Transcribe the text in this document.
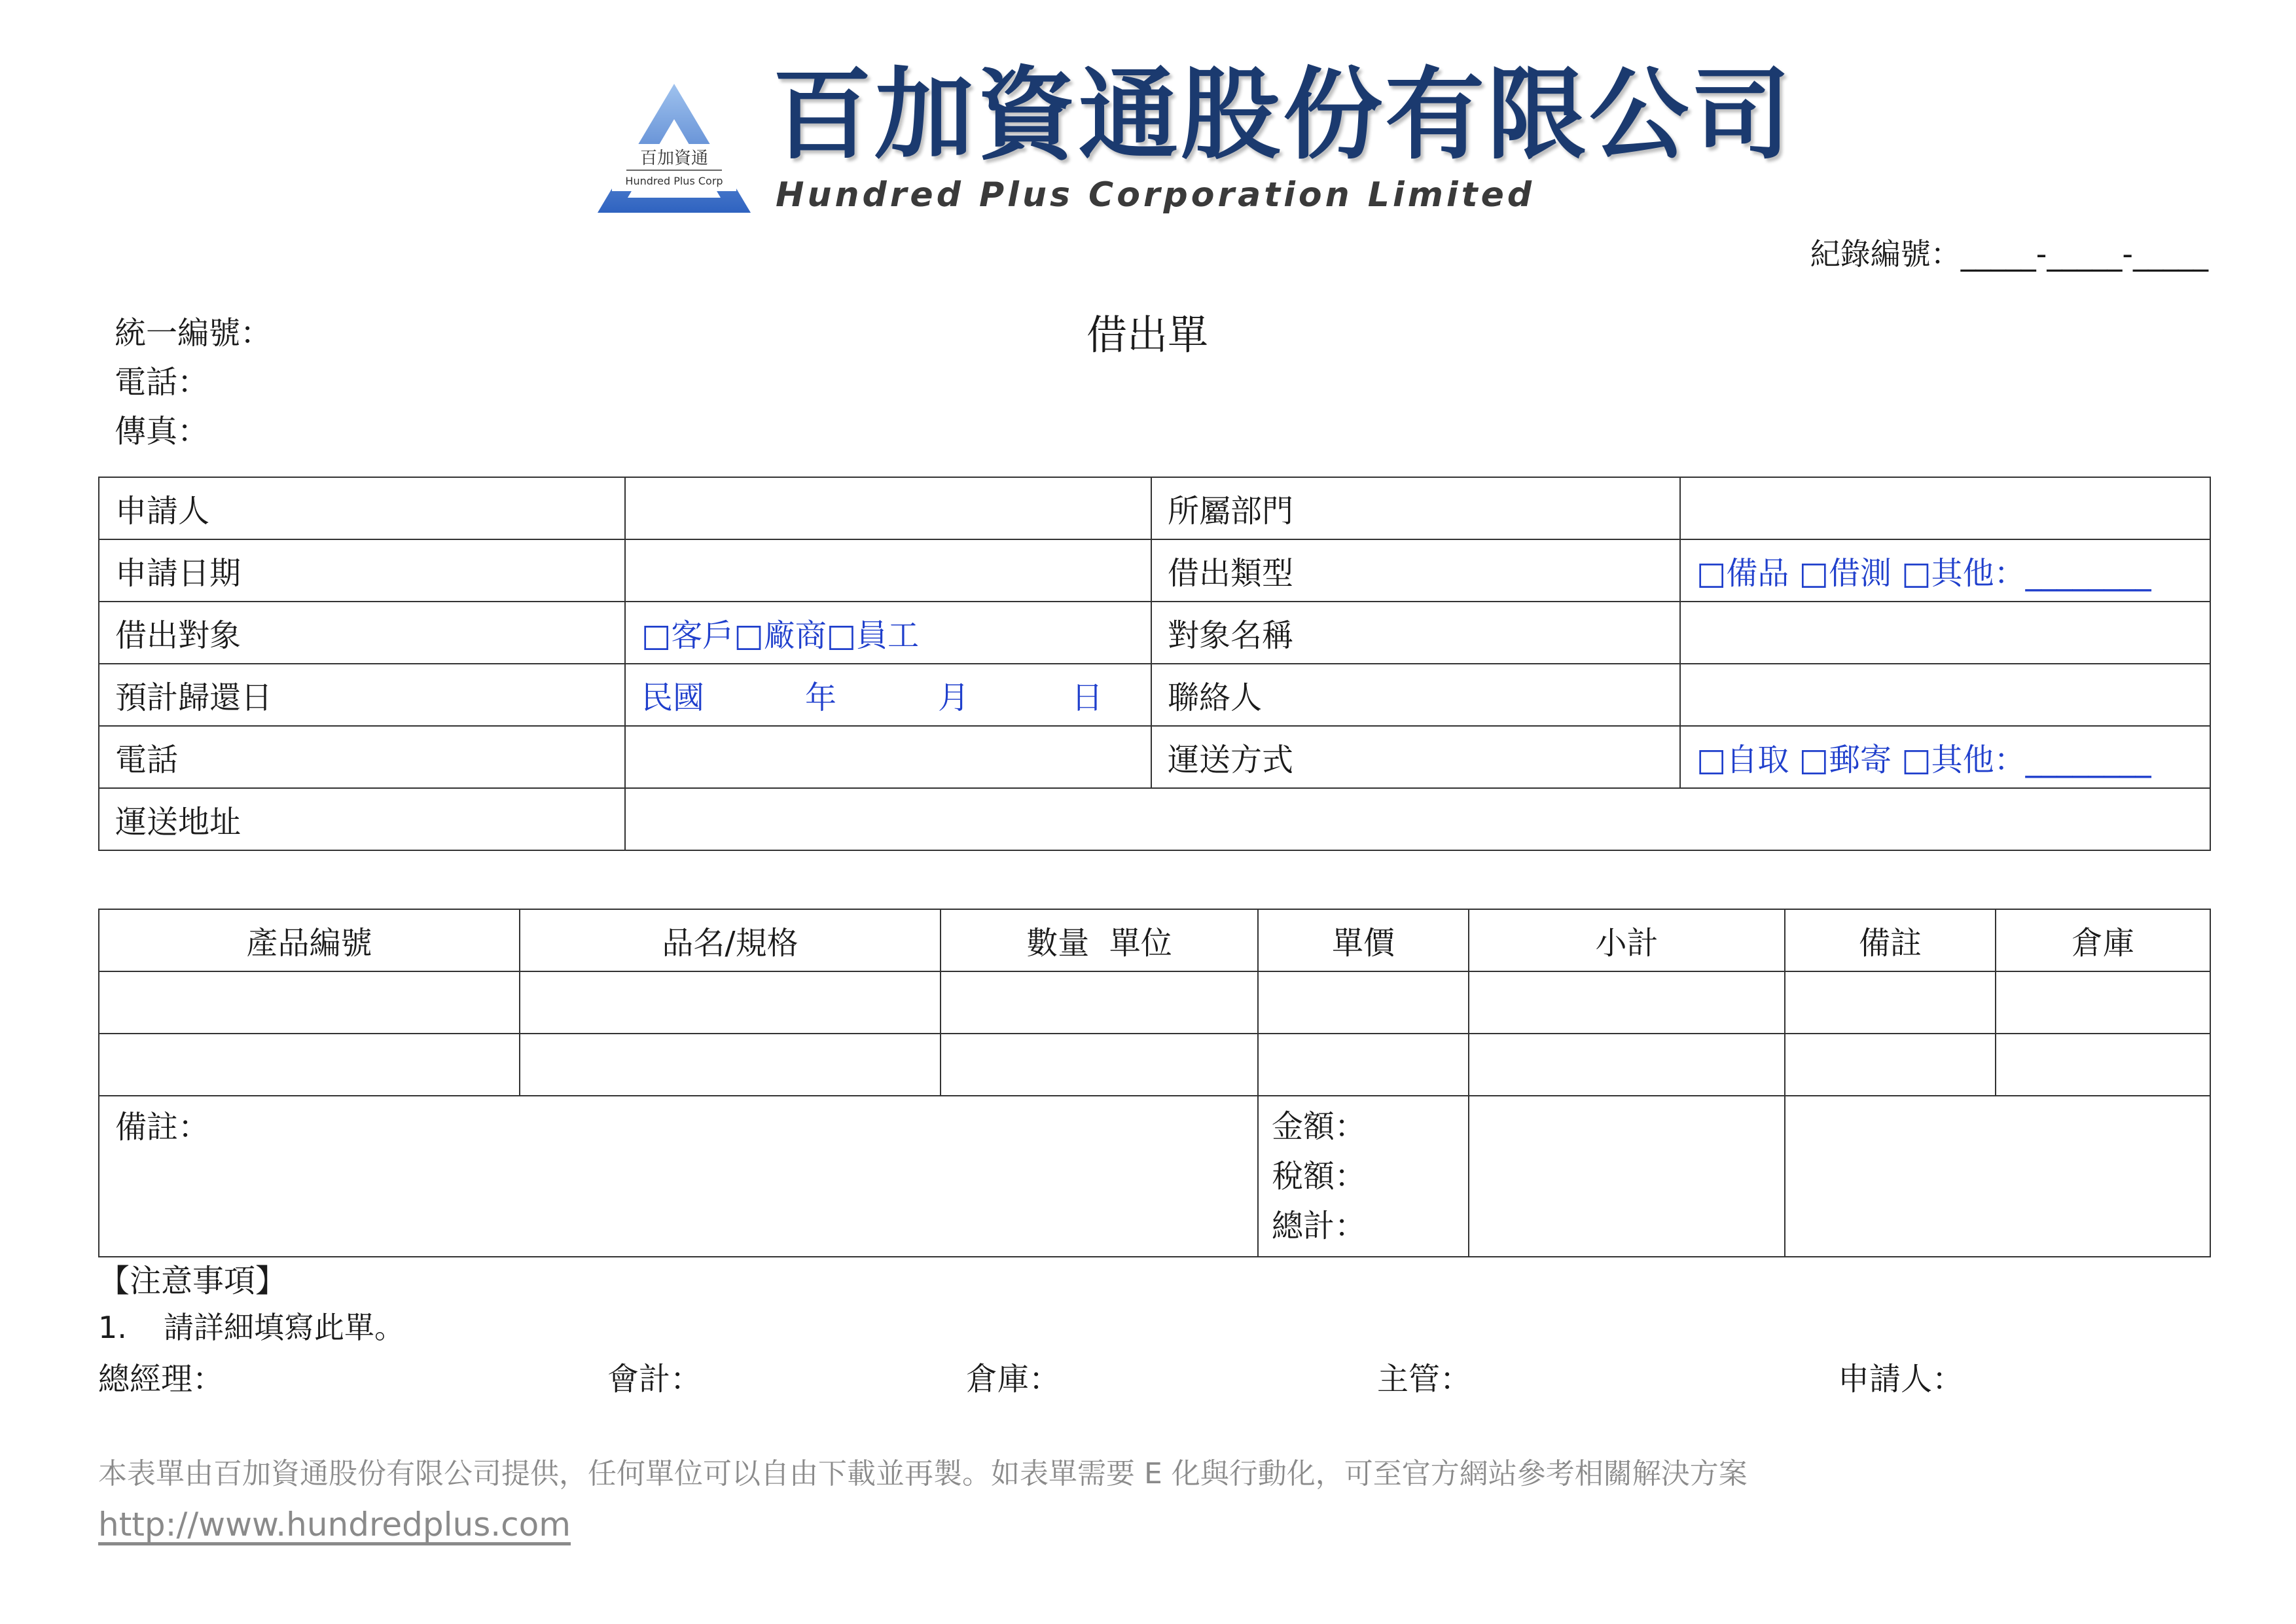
百加資通
Hundred Plus Corp
百加資通股份有限公司
Hundred Plus Corporation Limited
紀錄編號：_____-_____-_____
統一編號：
電話：
傳真：
借出單
申請人		所屬部門	
申請日期		借出類型	□備品 □借測 □其他：________
借出對象	□客戶□廠商□員工	對象名稱	
預計歸還日	民國 年 月 日	聯絡人	
電話		運送方式	□自取 □郵寄 □其他：________
運送地址			
產品編號	品名/規格	數量  單位	單價	小計	備註	倉庫

備註：			金額：
稅額：
總計：			

【注意事項】
1. 請詳細填寫此單。
總經理：	會計：	倉庫：	主管：	申請人：
本表單由百加資通股份有限公司提供，任何單位可以自由下載並再製。如表單需要 E 化與行動化，可至官方網站參考相關解決方案
http://www.hundredplus.com
